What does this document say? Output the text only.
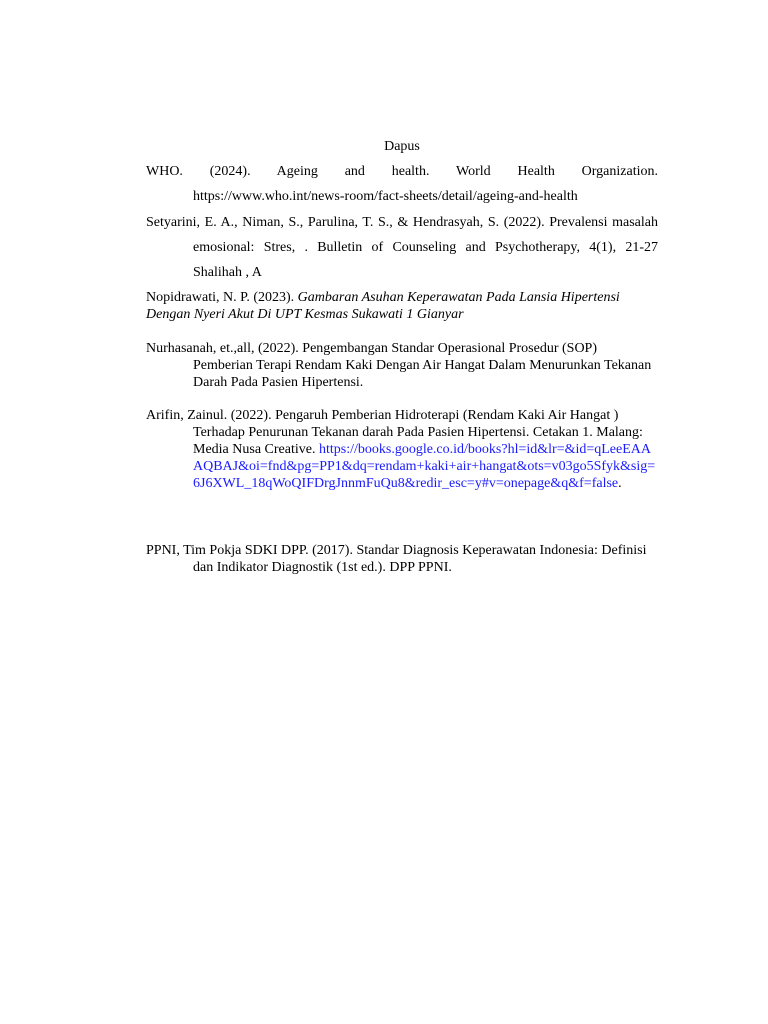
Dapus
WHO. (2024). Ageing and health. World Health Organization.
https://www.who.int/news-room/fact-sheets/detail/ageing-and-health
Setyarini, E. A., Niman, S., Parulina, T. S., & Hendrasyah, S. (2022). Prevalensi masalah emosional: Stres, . Bulletin of Counseling and Psychotherapy, 4(1), 21-27 Shalihah , A
Nopidrawati, N. P. (2023). Gambaran Asuhan Keperawatan Pada Lansia Hipertensi Dengan Nyeri Akut Di UPT Kesmas Sukawati 1 Gianyar
Nurhasanah, et.,all, (2022). Pengembangan Standar Operasional Prosedur (SOP) Pemberian Terapi Rendam Kaki Dengan Air Hangat Dalam Menurunkan Tekanan Darah Pada Pasien Hipertensi.
Arifin, Zainul. (2022). Pengaruh Pemberian Hidroterapi (Rendam Kaki Air Hangat ) Terhadap Penurunan Tekanan darah Pada Pasien Hipertensi. Cetakan 1. Malang: Media Nusa Creative. https://books.google.co.id/books?hl=id&lr=&id=qLeeEAAAQBAJ&oi=fnd&pg=PP1&dq=rendam+kaki+air+hangat&ots=v03go5Sfyk&sig=6J6XWL_18qWoQIFDrgJnnmFuQu8&redir_esc=y#v=onepage&q&f=false.
PPNI, Tim Pokja SDKI DPP. (2017). Standar Diagnosis Keperawatan Indonesia: Definisi dan Indikator Diagnostik (1st ed.). DPP PPNI.
